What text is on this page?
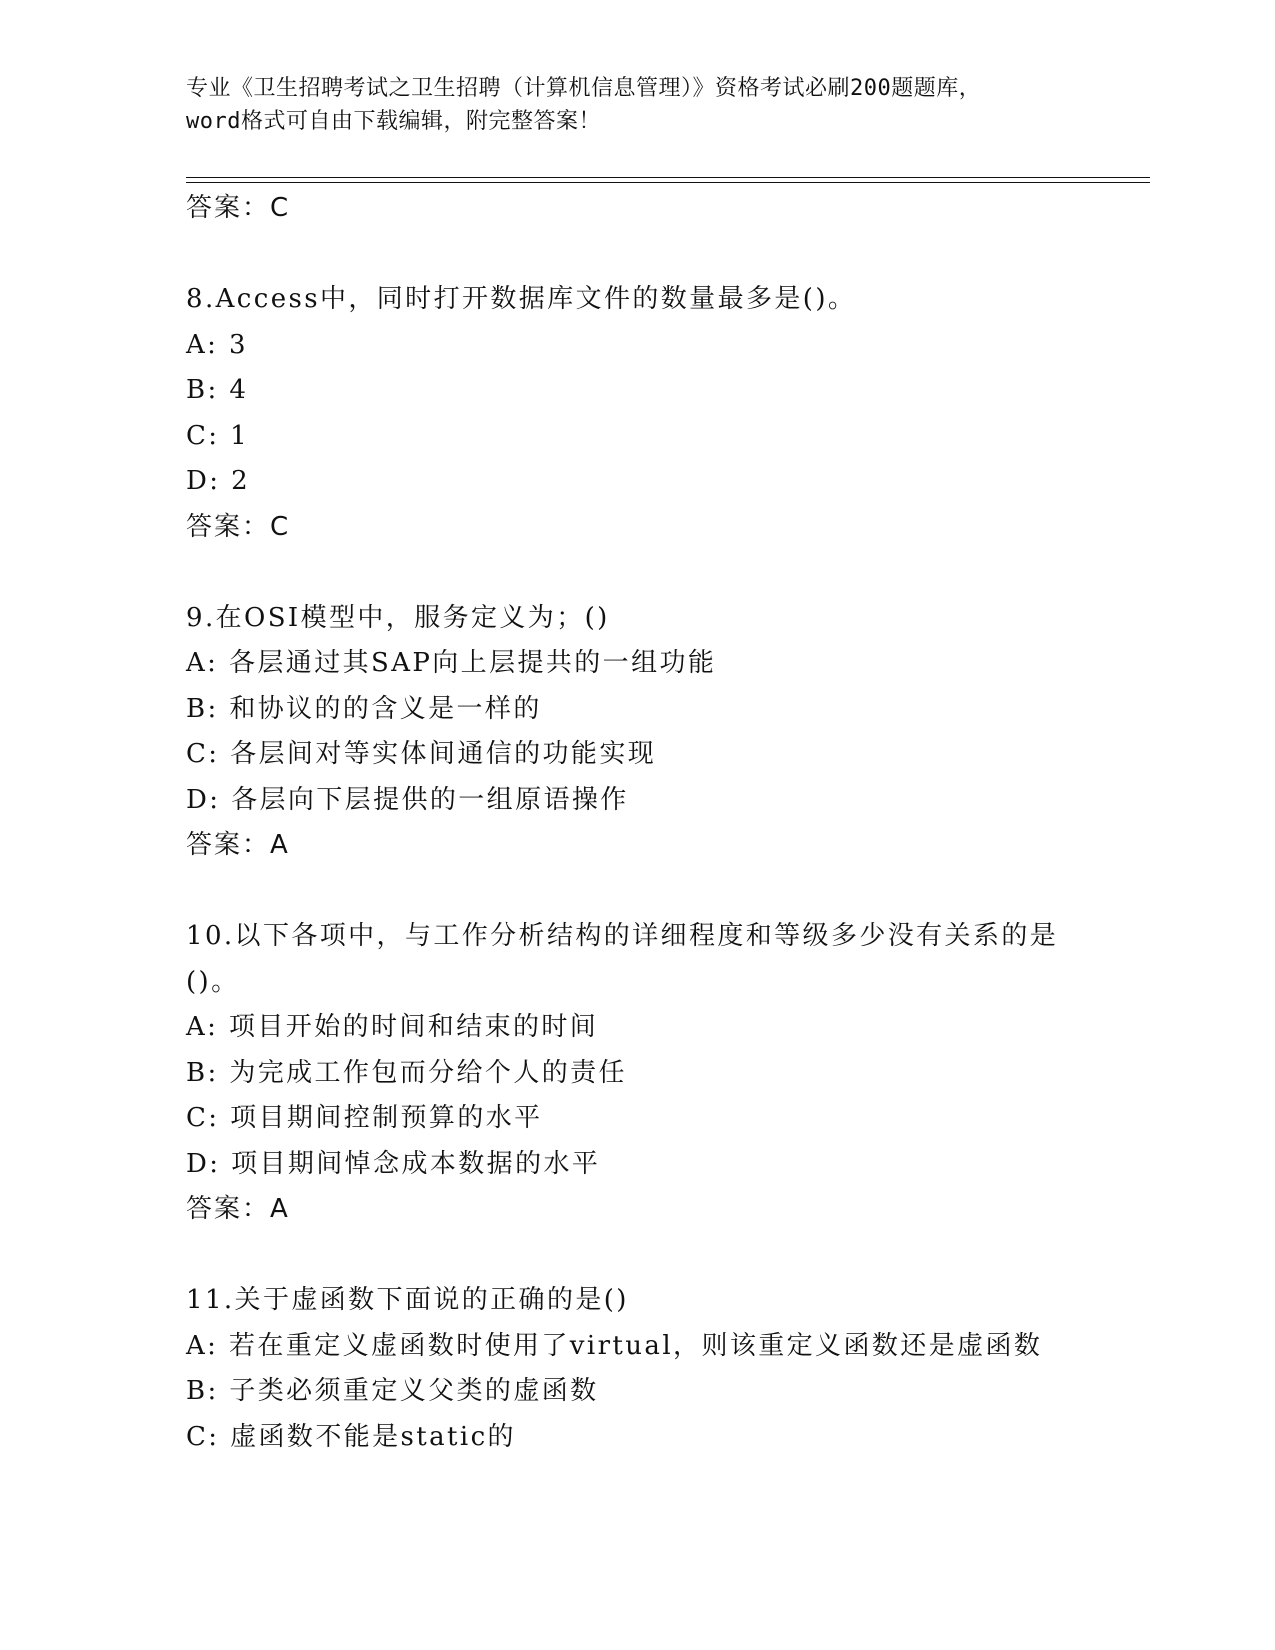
专业《卫生招聘考试之卫生招聘（计算机信息管理）》资格考试必刷200题题库，
word格式可自由下载编辑，附完整答案！
答案：C
8.Access中，同时打开数据库文件的数量最多是()。
A: 3
B: 4
C: 1
D: 2
答案：C
9.在OSI模型中，服务定义为；()
A: 各层通过其SAP向上层提共的一组功能
B: 和协议的的含义是一样的
C: 各层间对等实体间通信的功能实现
D: 各层向下层提供的一组原语操作
答案：A
10.以下各项中，与工作分析结构的详细程度和等级多少没有关系的是
()。
A: 项目开始的时间和结束的时间
B: 为完成工作包而分给个人的责任
C: 项目期间控制预算的水平
D: 项目期间悼念成本数据的水平
答案：A
11.关于虚函数下面说的正确的是()
A: 若在重定义虚函数时使用了virtual，则该重定义函数还是虚函数
B: 子类必须重定义父类的虚函数
C: 虚函数不能是static的
